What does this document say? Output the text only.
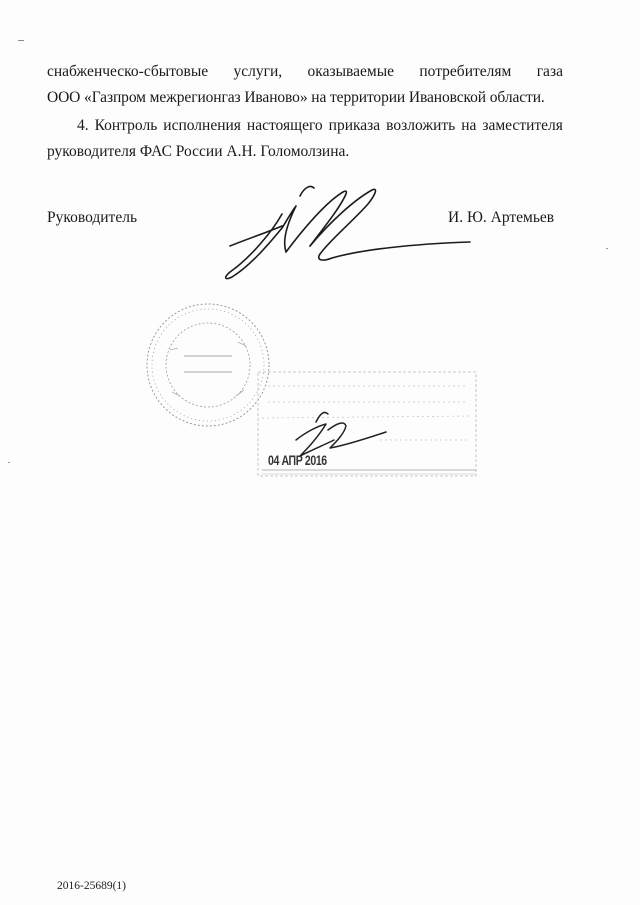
снабженческо-сбытовые услуги, оказываемые потребителям газа
ООО «Газпром межрегионгаз Иваново» на территории Ивановской области.
4. Контроль исполнения настоящего приказа возложить на заместителя
руководителя ФАС России А.Н. Голомолзина.
Руководитель	И. Ю. Артемьев
04 АПР 2016
2016-25689(1)
